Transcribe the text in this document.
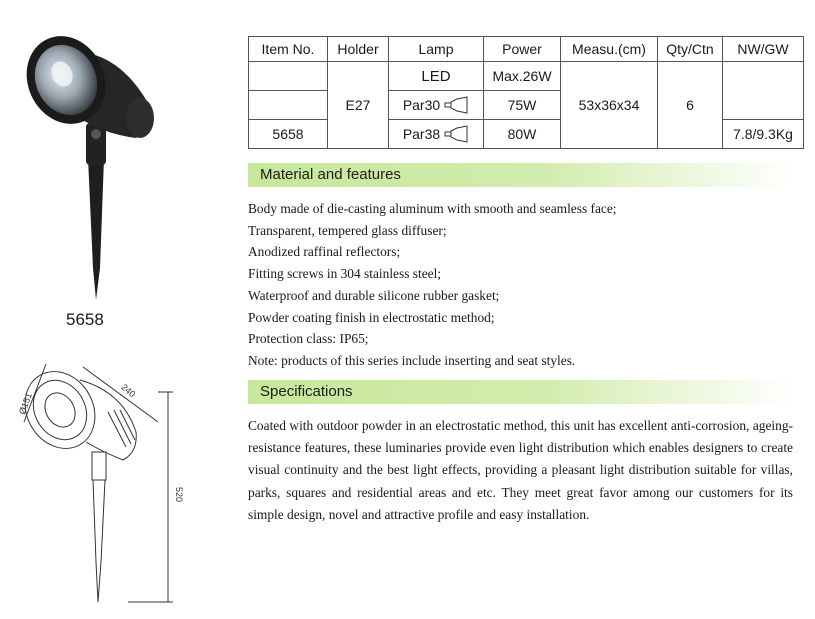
5658
Ø151
240
520
Item No.	Holder	Lamp	Power	Measu.(cm)	Qty/Ctn	NW/GW
	E27	LED	Max.26W	53x36x34	6	

		Par30	75W			
5658		Par38	80W			7.8/9.3Kg
Material and features
Body made of die-casting aluminum with smooth and seamless face;
Transparent, tempered glass diffuser;
Anodized raffinal reflectors;
Fitting screws in 304 stainless steel;
Waterproof and durable silicone rubber gasket;
Powder coating finish in electrostatic method;
Protection class: IP65;
Note: products of this series include inserting and seat styles.
Specifications
Coated with outdoor powder in an electrostatic method, this unit has excellent anti-corrosion, ageing-resistance features, these luminaries provide even light distribution which enables designers to create visual continuity and the best light effects, providing a pleasant light distribution suitable for villas, parks, squares and residential areas and etc. They meet great favor among our customers for its simple design, novel and attractive profile and easy installation.
